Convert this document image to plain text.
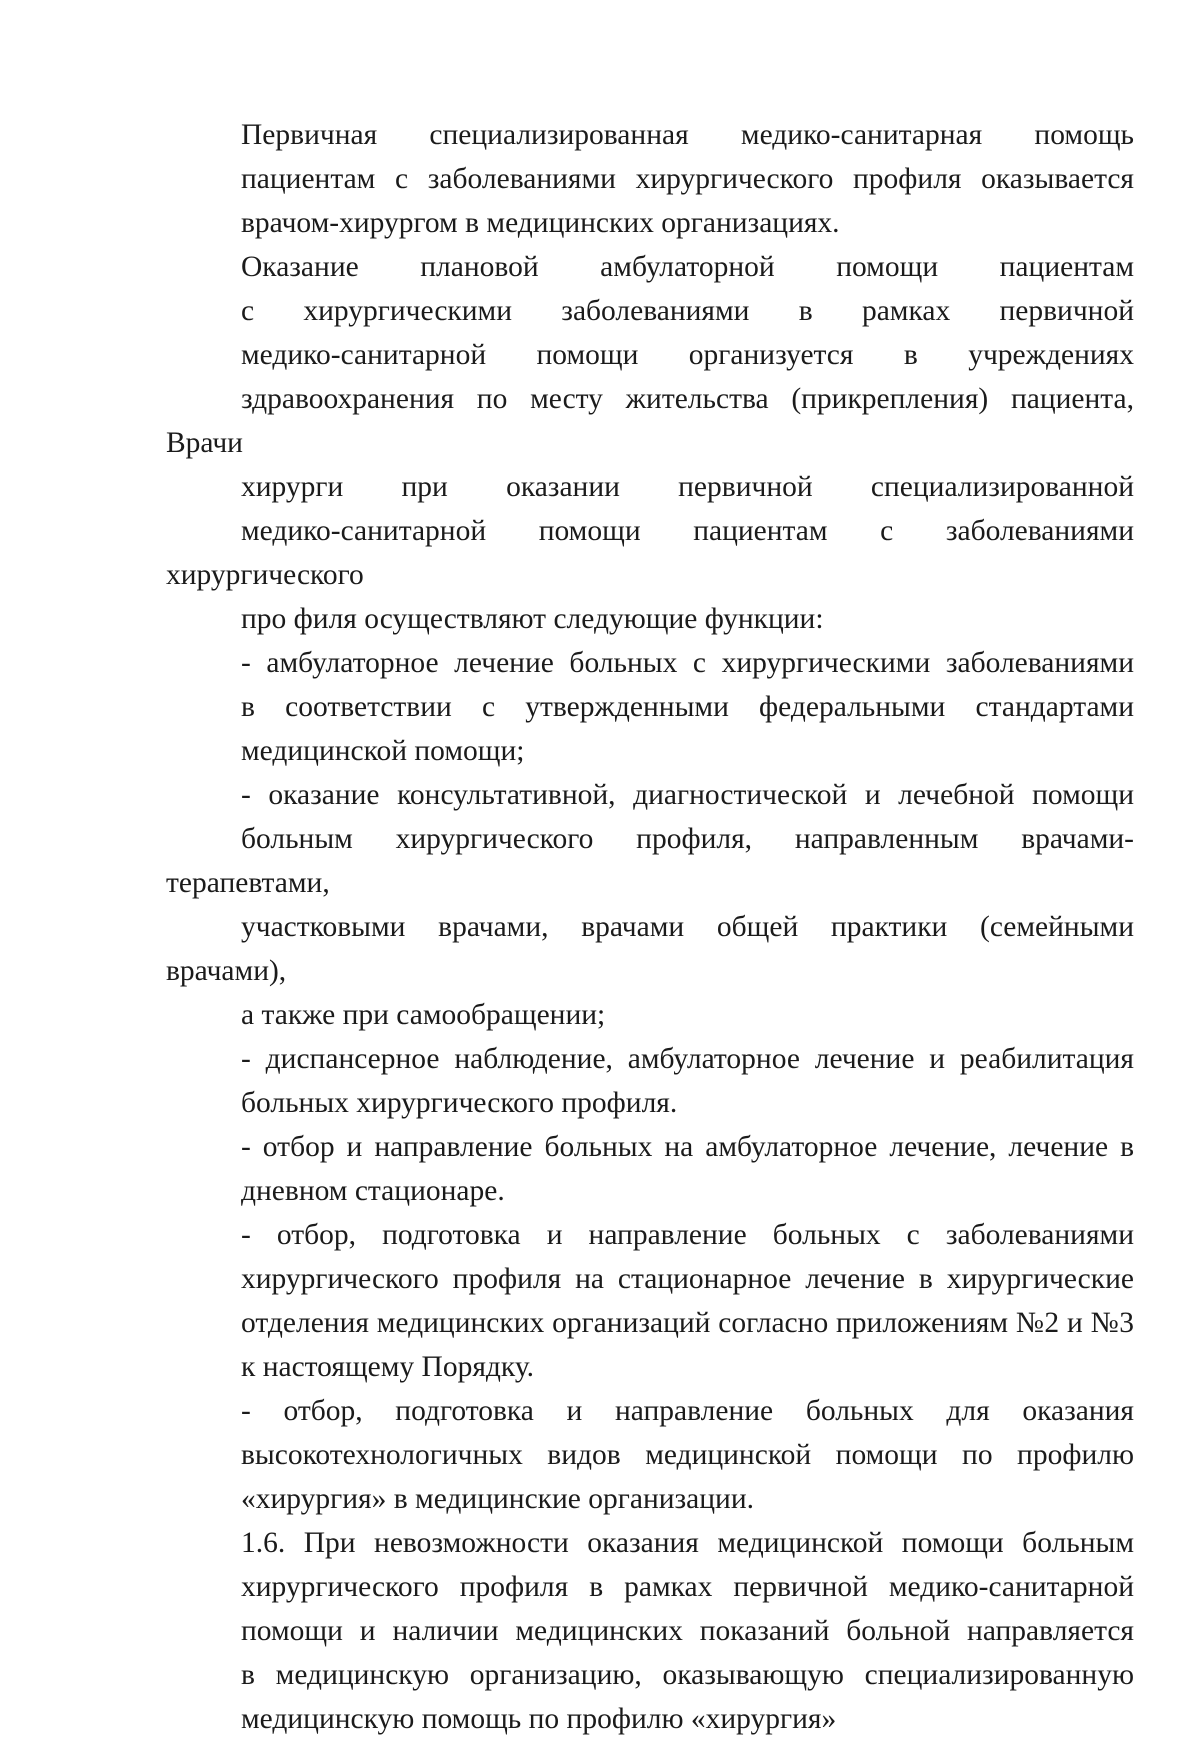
Первичная специализированная медико-санитарная помощь
пациентам с заболеваниями хирургического профиля оказывается
врачом-хирургом в медицинских организациях.

Оказание плановой амбулаторной помощи пациентам
с хирургическими заболеваниями в рамках первичной
медико-санитарной помощи организуется в учреждениях
здравоохранения по месту жительства (прикрепления) пациента, Врачи
хирурги при оказании первичной специализированной
медико-санитарной помощи пациентам с заболеваниями хирургического
про филя осуществляют следующие функции:

- амбулаторное лечение больных с хирургическими заболеваниями
в соответствии с утвержденными федеральными стандартами
медицинской помощи;

- оказание консультативной, диагностической и лечебной помощи
больным хирургического профиля, направленным врачами-терапевтами,
участковыми врачами, врачами общей практики (семейными врачами),
а также при самообращении;

- диспансерное наблюдение, амбулаторное лечение и реабилитация
больных хирургического профиля.

- отбор и направление больных на амбулаторное лечение, лечение в
дневном стационаре.

- отбор, подготовка и направление больных с заболеваниями
хирургического профиля на стационарное лечение в хирургические
отделения медицинских организаций согласно приложениям №2 и №3
к настоящему Порядку.

- отбор, подготовка и направление больных для оказания
высокотехнологичных видов медицинской помощи по профилю
«хирургия» в медицинские организации.

1.6. При невозможности оказания медицинской помощи больным
хирургического профиля в рамках первичной медико-санитарной
помощи и наличии медицинских показаний больной направляется
в медицинскую организацию, оказывающую специализированную
медицинскую помощь по профилю «хирургия»
